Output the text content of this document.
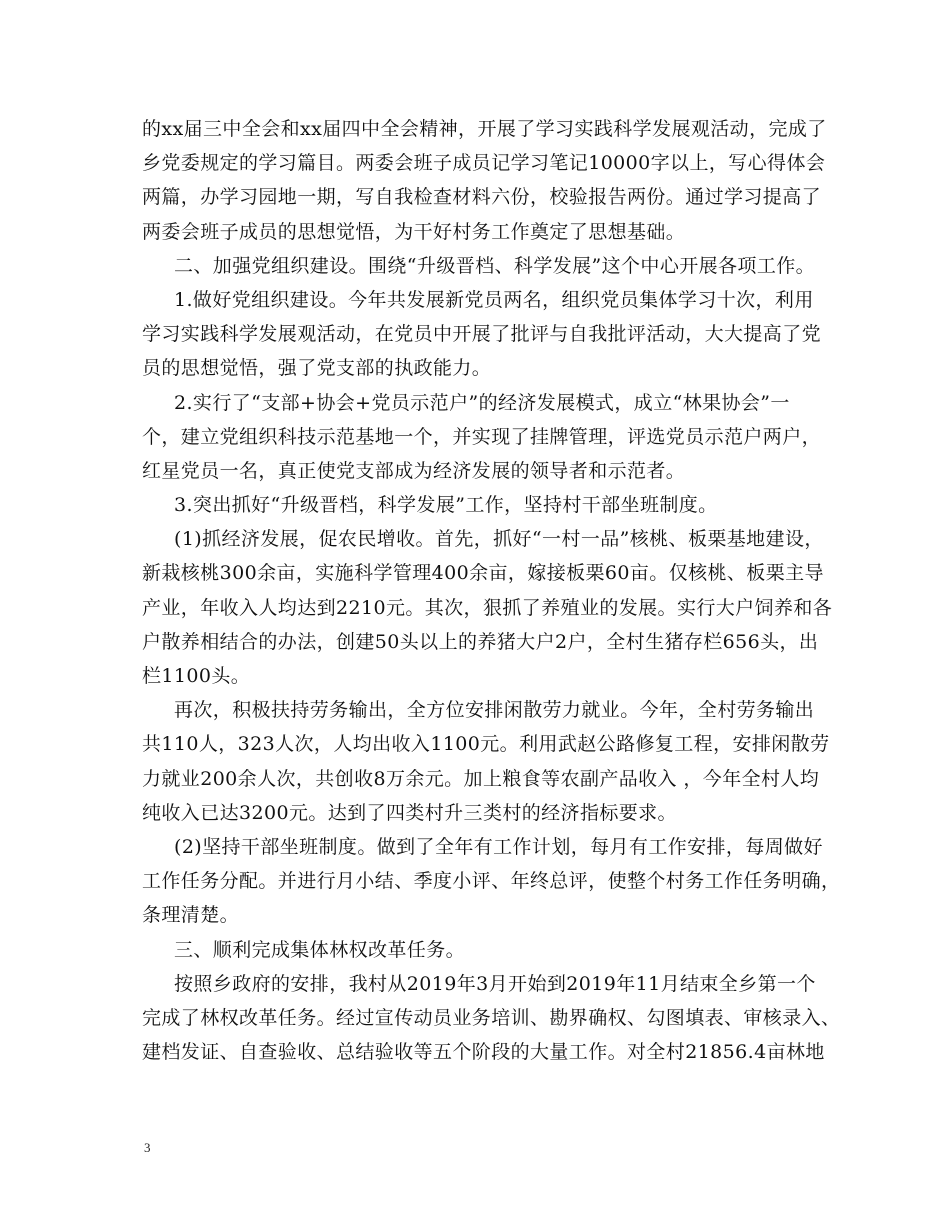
的xx届三中全会和xx届四中全会精神，开展了学习实践科学发展观活动，完成了
乡党委规定的学习篇目。两委会班子成员记学习笔记10000字以上，写心得体会
两篇，办学习园地一期，写自我检查材料六份，校验报告两份。通过学习提高了
两委会班子成员的思想觉悟，为干好村务工作奠定了思想基础。
二、加强党组织建设。围绕“升级晋档、科学发展”这个中心开展各项工作。
1.做好党组织建设。今年共发展新党员两名，组织党员集体学习十次，利用
学习实践科学发展观活动，在党员中开展了批评与自我批评活动，大大提高了党
员的思想觉悟，强了党支部的执政能力。
2.实行了“支部+协会+党员示范户”的经济发展模式，成立“林果协会”一
个，建立党组织科技示范基地一个，并实现了挂牌管理，评选党员示范户两户，
红星党员一名，真正使党支部成为经济发展的领导者和示范者。
3.突出抓好“升级晋档，科学发展”工作，坚持村干部坐班制度。
(1)抓经济发展，促农民增收。首先，抓好“一村一品”核桃、板栗基地建设，
新栽核桃300余亩，实施科学管理400余亩，嫁接板栗60亩。仅核桃、板栗主导
产业，年收入人均达到2210元。其次，狠抓了养殖业的发展。实行大户饲养和各
户散养相结合的办法，创建50头以上的养猪大户2户，全村生猪存栏656头，出
栏1100头。
再次，积极扶持劳务输出，全方位安排闲散劳力就业。今年，全村劳务输出
共110人，323人次，人均出收入1100元。利用武赵公路修复工程，安排闲散劳
力就业200余人次，共创收8万余元。加上粮食等农副产品收入 ，今年全村人均
纯收入已达3200元。达到了四类村升三类村的经济指标要求。
(2)坚持干部坐班制度。做到了全年有工作计划，每月有工作安排，每周做好
工作任务分配。并进行月小结、季度小评、年终总评，使整个村务工作任务明确，
条理清楚。
三、顺利完成集体林权改革任务。
按照乡政府的安排，我村从2019年3月开始到2019年11月结束全乡第一个
完成了林权改革任务。经过宣传动员业务培训、勘界确权、勾图填表、审核录入、
建档发证、自查验收、总结验收等五个阶段的大量工作。对全村21856.4亩林地
3
